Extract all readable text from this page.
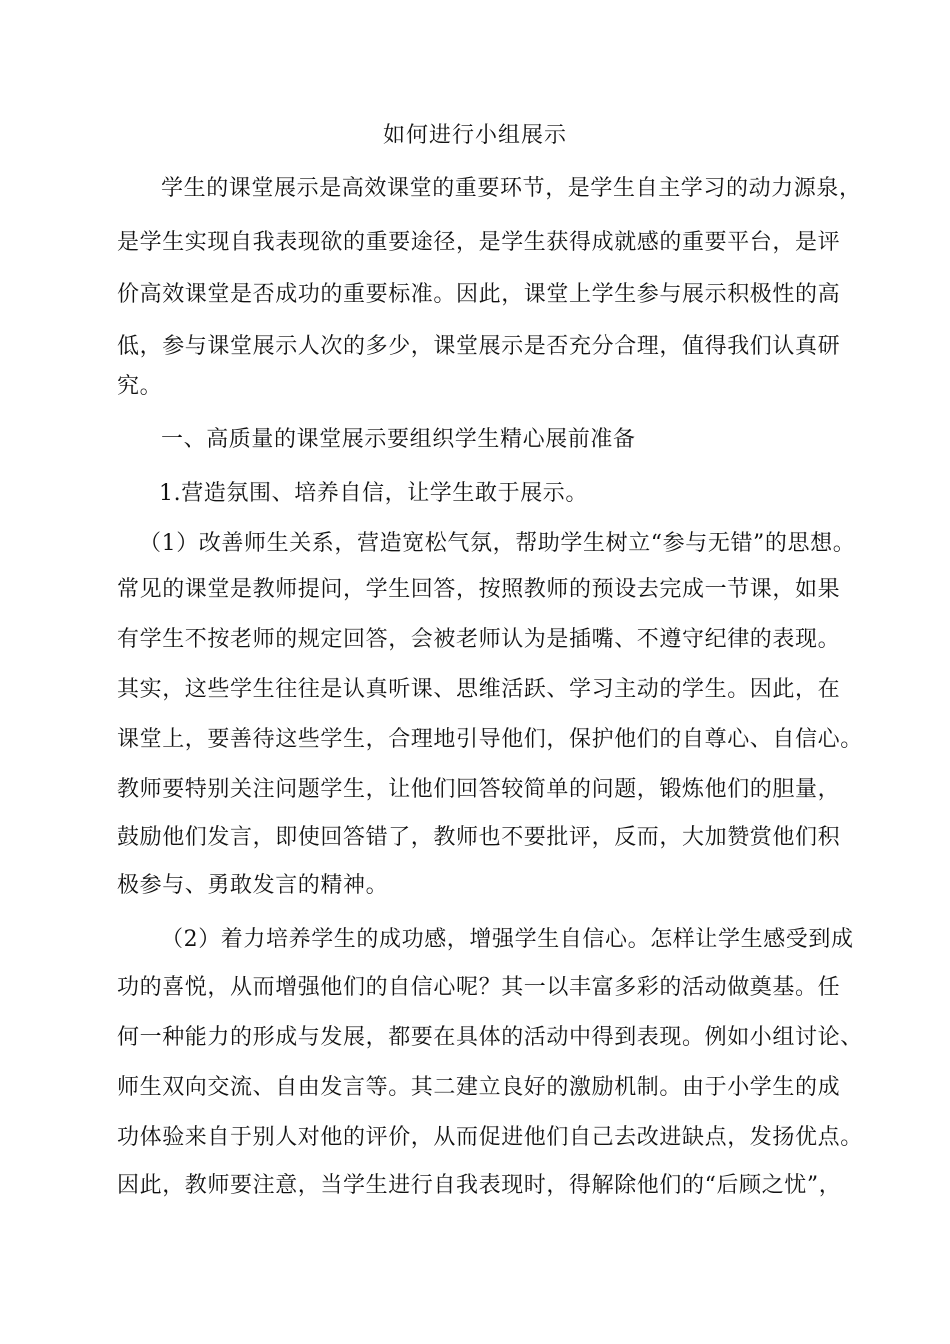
如何进行小组展示
学生的课堂展示是高效课堂的重要环节，是学生自主学习的动力源泉，
是学生实现自我表现欲的重要途径，是学生获得成就感的重要平台，是评
价高效课堂是否成功的重要标准。因此，课堂上学生参与展示积极性的高
低，参与课堂展示人次的多少，课堂展示是否充分合理，值得我们认真研
究。
一、高质量的课堂展示要组织学生精心展前准备
1.营造氛围、培养自信，让学生敢于展示。
（1）改善师生关系，营造宽松气氛，帮助学生树立“参与无错”的思想。
常见的课堂是教师提问，学生回答，按照教师的预设去完成一节课，如果
有学生不按老师的规定回答，会被老师认为是插嘴、不遵守纪律的表现。
其实，这些学生往往是认真听课、思维活跃、学习主动的学生。因此，在
课堂上，要善待这些学生，合理地引导他们，保护他们的自尊心、自信心。
教师要特别关注问题学生，让他们回答较简单的问题，锻炼他们的胆量，
鼓励他们发言，即使回答错了，教师也不要批评，反而，大加赞赏他们积
极参与、勇敢发言的精神。
（2）着力培养学生的成功感，增强学生自信心。怎样让学生感受到成
功的喜悦，从而增强他们的自信心呢？其一以丰富多彩的活动做奠基。任
何一种能力的形成与发展，都要在具体的活动中得到表现。例如小组讨论、
师生双向交流、自由发言等。其二建立良好的激励机制。由于小学生的成
功体验来自于别人对他的评价，从而促进他们自己去改进缺点，发扬优点。
因此，教师要注意，当学生进行自我表现时，得解除他们的“后顾之忧”，
